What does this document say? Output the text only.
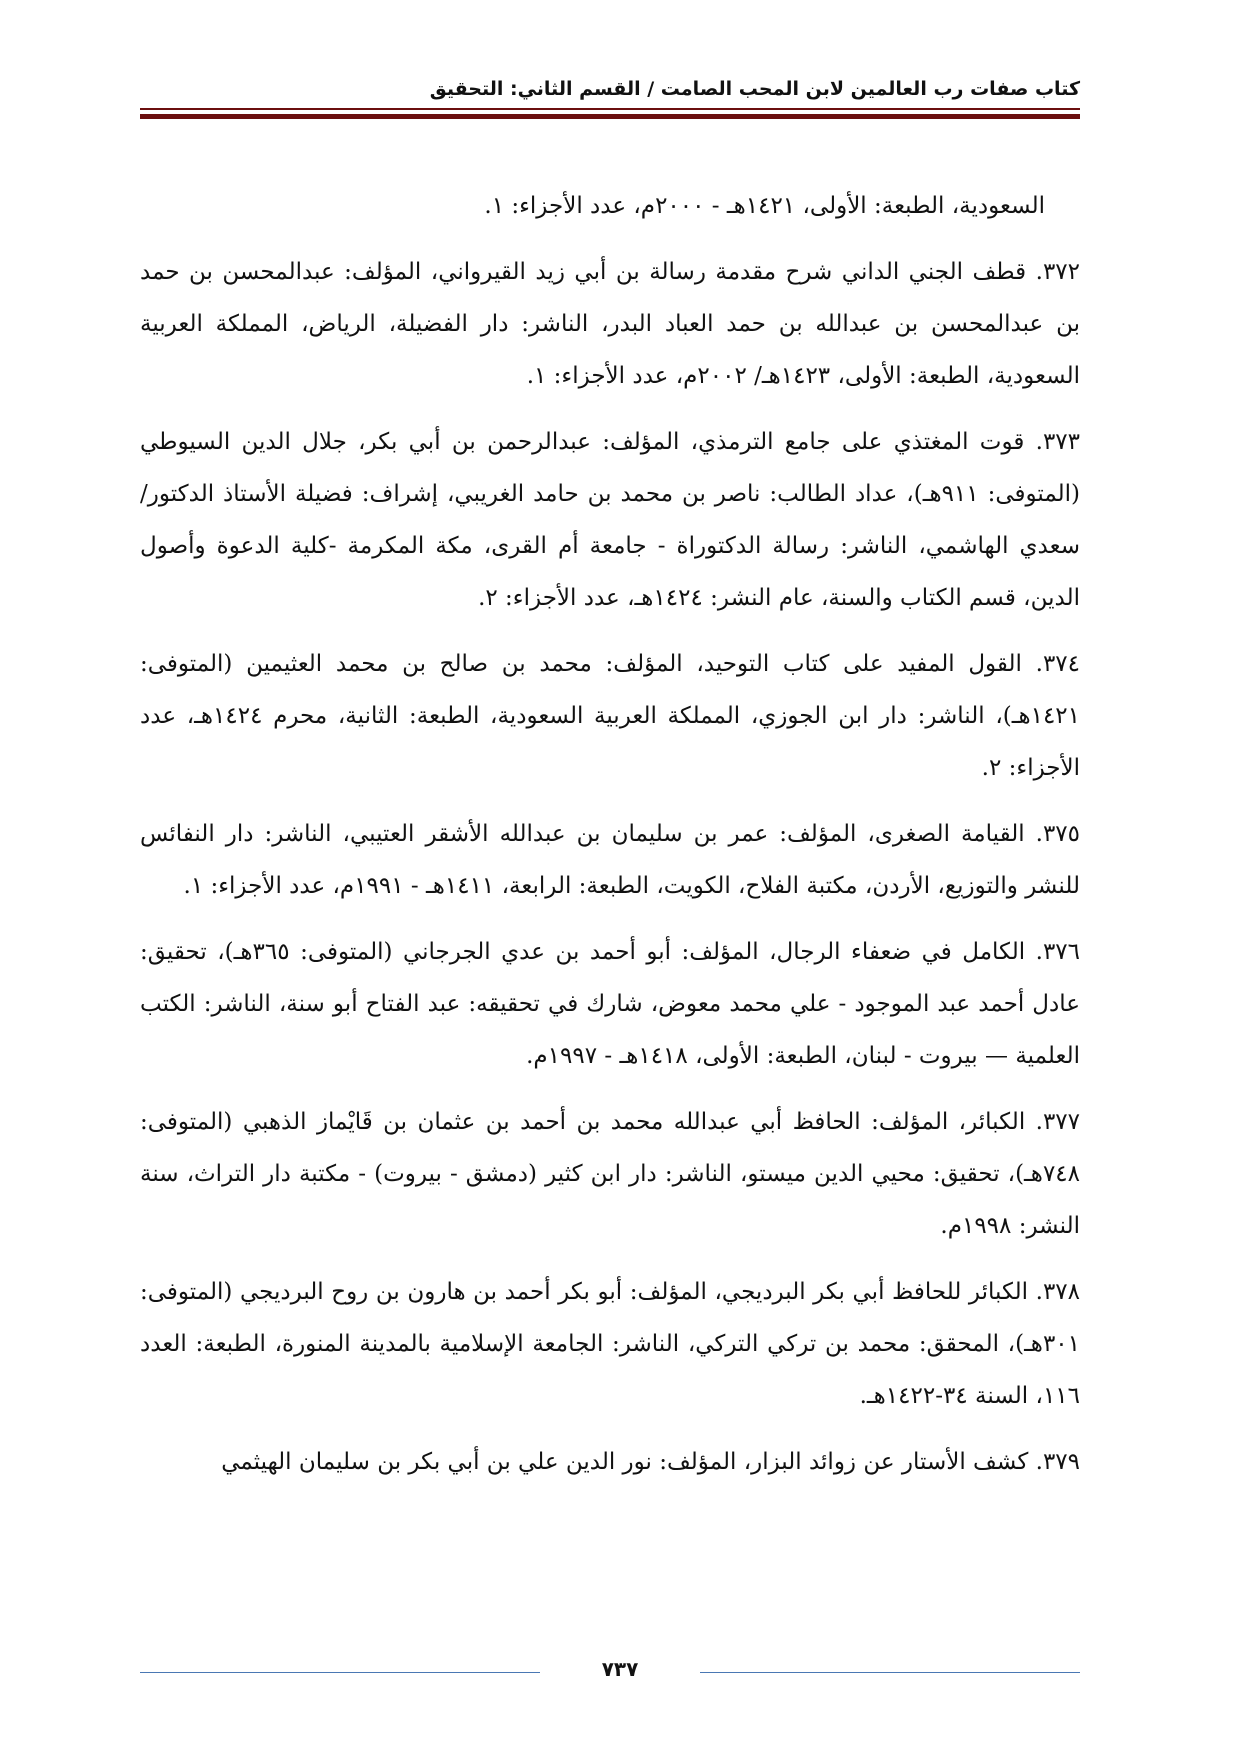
كتاب صفات رب العالمين لابن المحب الصامت / القسم الثاني: التحقيق

السعودية، الطبعة: الأولى، ١٤٢١هـ - ٢٠٠٠م، عدد الأجزاء: ١.

٣٧٢. قطف الجني الداني شرح مقدمة رسالة بن أبي زيد القيرواني، المؤلف: عبدالمحسن بن حمد بن عبدالمحسن بن عبدالله بن حمد العباد البدر، الناشر: دار الفضيلة، الرياض، المملكة العربية السعودية، الطبعة: الأولى، ١٤٢٣هـ/ ٢٠٠٢م، عدد الأجزاء: ١.

٣٧٣. قوت المغتذي على جامع الترمذي، المؤلف: عبدالرحمن بن أبي بكر، جلال الدين السيوطي (المتوفى: ٩١١هـ)، عداد الطالب: ناصر بن محمد بن حامد الغريبي، إشراف: فضيلة الأستاذ الدكتور/ سعدي الهاشمي، الناشر: رسالة الدكتوراة - جامعة أم القرى، مكة المكرمة -كلية الدعوة وأصول الدين، قسم الكتاب والسنة، عام النشر: ١٤٢٤هـ، عدد الأجزاء: ٢.

٣٧٤. القول المفيد على كتاب التوحيد، المؤلف: محمد بن صالح بن محمد العثيمين (المتوفى: ١٤٢١هـ)، الناشر: دار ابن الجوزي، المملكة العربية السعودية، الطبعة: الثانية، محرم ١٤٢٤هـ، عدد الأجزاء: ٢.

٣٧٥. القيامة الصغرى، المؤلف: عمر بن سليمان بن عبدالله الأشقر العتيبي، الناشر: دار النفائس للنشر والتوزيع، الأردن، مكتبة الفلاح، الكويت، الطبعة: الرابعة، ١٤١١هـ - ١٩٩١م، عدد الأجزاء: ١.

٣٧٦. الكامل في ضعفاء الرجال، المؤلف: أبو أحمد بن عدي الجرجاني (المتوفى: ٣٦٥هـ)، تحقيق: عادل أحمد عبد الموجود - علي محمد معوض، شارك في تحقيقه: عبد الفتاح أبو سنة، الناشر: الكتب العلمية — بيروت - لبنان، الطبعة: الأولى، ١٤١٨هـ - ١٩٩٧م.

٣٧٧. الكبائر، المؤلف: الحافظ أبي عبدالله محمد بن أحمد بن عثمان بن قَايْماز الذهبي (المتوفى: ٧٤٨هـ)، تحقيق: محيي الدين ميستو، الناشر: دار ابن كثير (دمشق - بيروت) - مكتبة دار التراث، سنة النشر: ١٩٩٨م.

٣٧٨. الكبائر للحافظ أبي بكر البرديجي، المؤلف: أبو بكر أحمد بن هارون بن روح البرديجي (المتوفى: ٣٠١هـ)، المحقق: محمد بن تركي التركي، الناشر: الجامعة الإسلامية بالمدينة المنورة، الطبعة: العدد ١١٦، السنة ٣٤-١٤٢٢هـ.

٣٧٩. كشف الأستار عن زوائد البزار، المؤلف: نور الدين علي بن أبي بكر بن سليمان الهيثمي

٧٣٧
